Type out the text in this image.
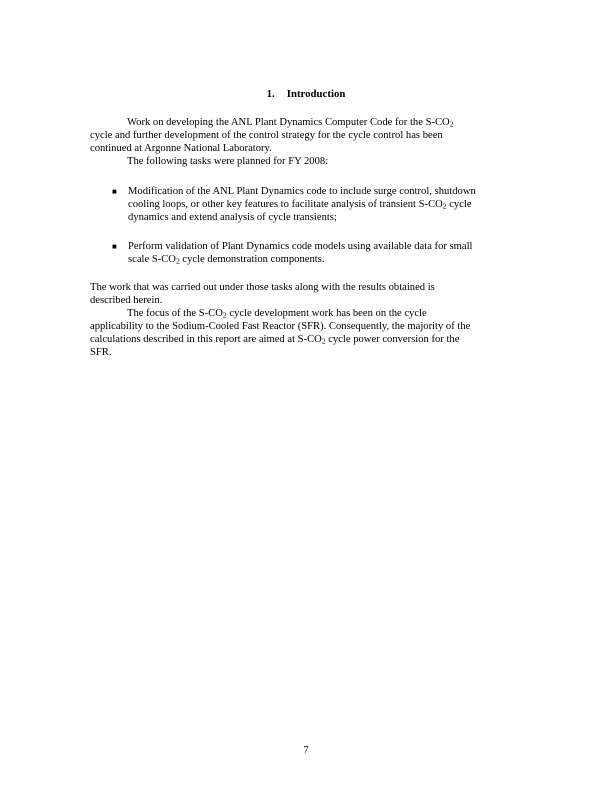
1. Introduction
Work on developing the ANL Plant Dynamics Computer Code for the $S-CO_2$
cycle and further development of the control strategy for the cycle control has been
continued at Argonne National Laboratory.
The following tasks were planned for FY 2008:
■	Modification of the ANL Plant Dynamics code to include surge control, shutdown
cooling loops, or other key features to facilitate analysis of transient $S-CO_2$ cycle
dynamics and extend analysis of cycle transients;
■	Perform validation of Plant Dynamics code models using available data for small
scale $S-CO_2$ cycle demonstration components.
The work that was carried out under those tasks along with the results obtained is
described herein.
The focus of the $S-CO_2$ cycle development work has been on the cycle
applicability to the Sodium-Cooled Fast Reactor (SFR). Consequently, the majority of the
calculations described in this report are aimed at $S-CO_2$ cycle power conversion for the
SFR.
7
